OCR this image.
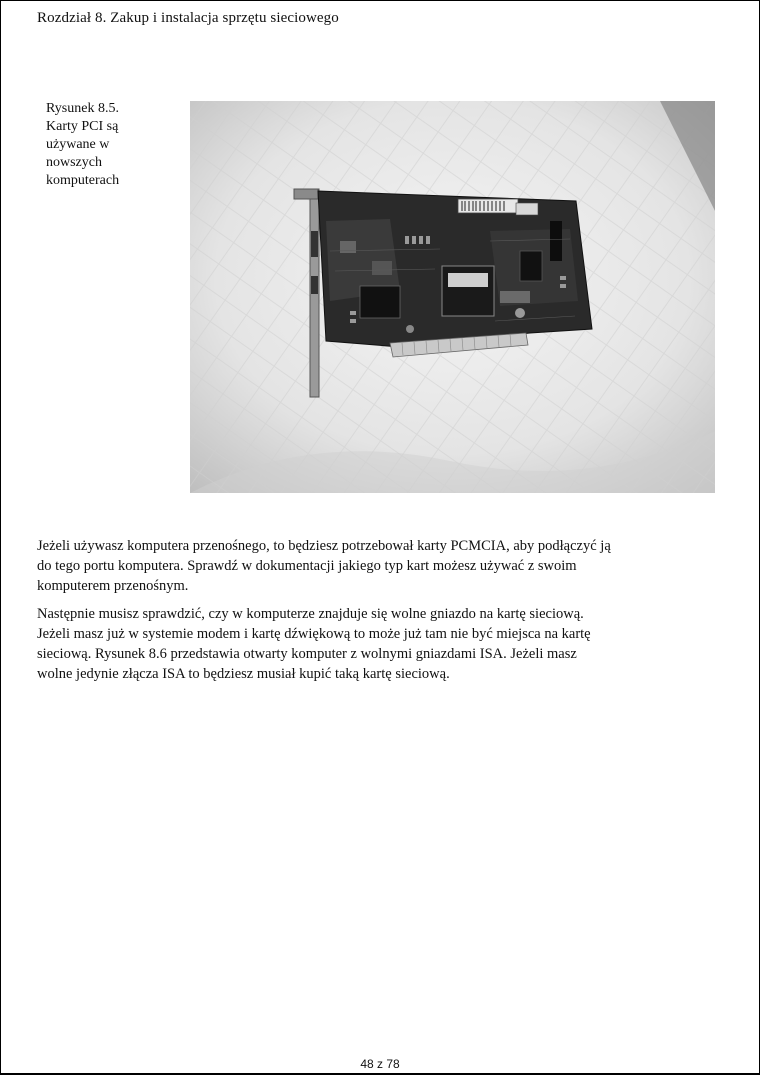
Rozdział 8. Zakup i instalacja sprzętu sieciowego
Rysunek 8.5.
Karty PCI są
używane w
nowszych
komputerach
Jeżeli używasz komputera przenośnego, to będziesz potrzebował karty PCMCIA, aby podłączyć ją
do tego portu komputera. Sprawdź w dokumentacji jakiego typ kart możesz używać z swoim
komputerem przenośnym.
Następnie musisz sprawdzić, czy w komputerze znajduje się wolne gniazdo na kartę sieciową.
Jeżeli masz już w systemie modem i kartę dźwiękową to może już tam nie być miejsca na kartę
sieciową. Rysunek 8.6 przedstawia otwarty komputer z wolnymi gniazdami ISA. Jeżeli masz
wolne jedynie złącza ISA to będziesz musiał kupić taką kartę sieciową.
48 z 78
